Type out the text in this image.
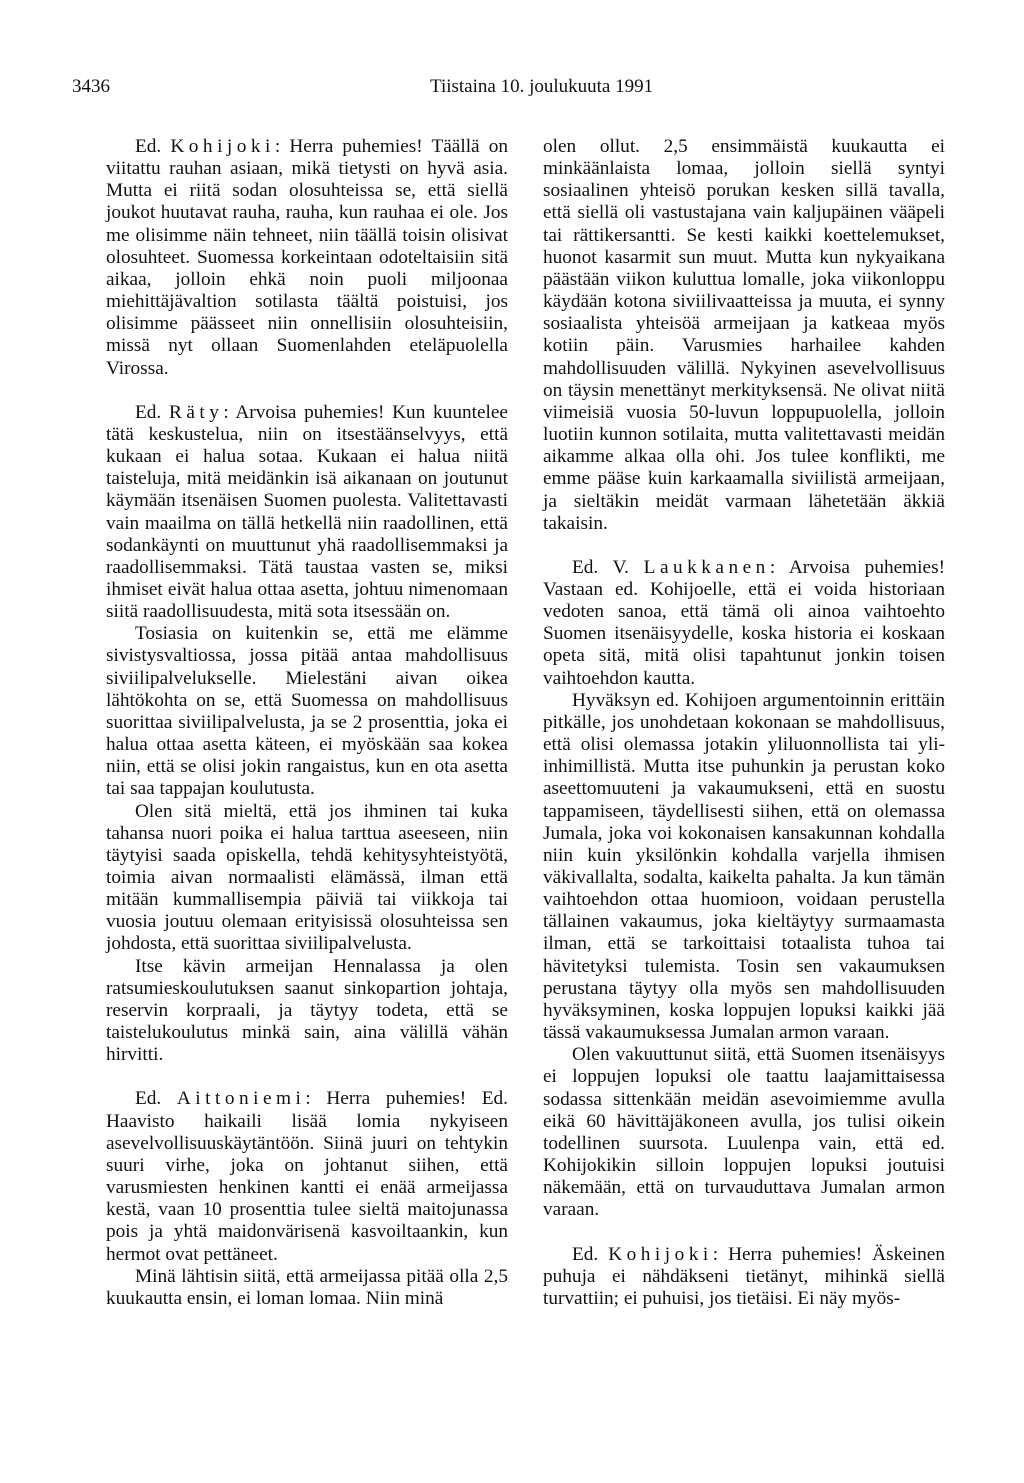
3436	Tiistaina 10. joulukuuta 1991

Ed. Kohijoki: Herra puhemies! Täällä on viitattu rauhan asiaan, mikä tietysti on hyvä asia. Mutta ei riitä sodan olosuhteissa se, että siellä joukot huutavat rauha, rauha, kun rauhaa ei ole. Jos me olisimme näin tehneet, niin täällä toisin olisivat olosuhteet. Suomessa korkeintaan odoteltaisiin sitä aikaa, jolloin ehkä noin puoli miljoonaa miehittäjävaltion sotilasta täältä poistuisi, jos olisimme päässeet niin onnellisiin olosuhteisiin, missä nyt ollaan Suomenlahden eteläpuolella Virossa.

Ed. Räty: Arvoisa puhemies! Kun kuuntelee tätä keskustelua, niin on itsestäänselvyys, että kukaan ei halua sotaa. Kukaan ei halua niitä taisteluja, mitä meidänkin isä aikanaan on joutunut käymään itsenäisen Suomen puolesta. Valitettavasti vain maailma on tällä hetkellä niin raadollinen, että sodankäynti on muuttunut yhä raadollisemmaksi ja raadollisemmaksi. Tätä taustaa vasten se, miksi ihmiset eivät halua ottaa asetta, johtuu nimenomaan siitä raadollisuudesta, mitä sota itsessään on.

Tosiasia on kuitenkin se, että me elämme sivistysvaltiossa, jossa pitää antaa mahdollisuus siviilipalvelukselle. Mielestäni aivan oikea lähtökohta on se, että Suomessa on mahdollisuus suorittaa siviilipalvelusta, ja se 2 prosenttia, joka ei halua ottaa asetta käteen, ei myöskään saa kokea niin, että se olisi jokin rangaistus, kun en ota asetta tai saa tappajan koulutusta.

Olen sitä mieltä, että jos ihminen tai kuka tahansa nuori poika ei halua tarttua aseeseen, niin täytyisi saada opiskella, tehdä kehitysyhteistyötä, toimia aivan normaalisti elämässä, ilman että mitään kummallisempia päiviä tai viikkoja tai vuosia joutuu olemaan erityisissä olosuhteissa sen johdosta, että suorittaa siviilipalvelusta.

Itse kävin armeijan Hennalassa ja olen ratsumieskoulutuksen saanut sinkopartion johtaja, reservin korpraali, ja täytyy todeta, että se taistelukoulutus minkä sain, aina välillä vähän hirvitti.

Ed. Aittoniemi: Herra puhemies! Ed. Haavisto haikaili lisää lomia nykyiseen asevelvollisuuskäytäntöön. Siinä juuri on tehtykin suuri virhe, joka on johtanut siihen, että varusmiesten henkinen kantti ei enää armeijassa kestä, vaan 10 prosenttia tulee sieltä maitojunassa pois ja yhtä maidonvärisenä kasvoiltaankin, kun hermot ovat pettäneet.

Minä lähtisin siitä, että armeijassa pitää olla 2,5 kuukautta ensin, ei loman lomaa. Niin minä

olen ollut. 2,5 ensimmäistä kuukautta ei minkäänlaista lomaa, jolloin siellä syntyi sosiaalinen yhteisö porukan kesken sillä tavalla, että siellä oli vastustajana vain kaljupäinen vääpeli tai rättikersantti. Se kesti kaikki koettelemukset, huonot kasarmit sun muut. Mutta kun nykyaikana päästään viikon kuluttua lomalle, joka viikonloppu käydään kotona siviilivaatteissa ja muuta, ei synny sosiaalista yhteisöä armeijaan ja katkeaa myös kotiin päin. Varusmies harhailee kahden mahdollisuuden välillä. Nykyinen asevelvollisuus on täysin menettänyt merkityksensä. Ne olivat niitä viimeisiä vuosia 50-luvun loppupuolella, jolloin luotiin kunnon sotilaita, mutta valitettavasti meidän aikamme alkaa olla ohi. Jos tulee konflikti, me emme pääse kuin karkaamalla siviilistä armeijaan, ja sieltäkin meidät varmaan lähetetään äkkiä takaisin.

Ed. V. Laukkanen: Arvoisa puhemies! Vastaan ed. Kohijoelle, että ei voida historiaan vedoten sanoa, että tämä oli ainoa vaihtoehto Suomen itsenäisyydelle, koska historia ei koskaan opeta sitä, mitä olisi tapahtunut jonkin toisen vaihtoehdon kautta.

Hyväksyn ed. Kohijoen argumentoinnin erittäin pitkälle, jos unohdetaan kokonaan se mahdollisuus, että olisi olemassa jotakin yliluonnollista tai yli-inhimillistä. Mutta itse puhunkin ja perustan koko aseettomuuteni ja vakaumukseni, että en suostu tappamiseen, täydellisesti siihen, että on olemassa Jumala, joka voi kokonaisen kansakunnan kohdalla niin kuin yksilönkin kohdalla varjella ihmisen väkivallalta, sodalta, kaikelta pahalta. Ja kun tämän vaihtoehdon ottaa huomioon, voidaan perustella tällainen vakaumus, joka kieltäytyy surmaamasta ilman, että se tarkoittaisi totaalista tuhoa tai hävitetyksi tulemista. Tosin sen vakaumuksen perustana täytyy olla myös sen mahdollisuuden hyväksyminen, koska loppujen lopuksi kaikki jää tässä vakaumuksessa Jumalan armon varaan.

Olen vakuuttunut siitä, että Suomen itsenäisyys ei loppujen lopuksi ole taattu laajamittaisessa sodassa sittenkään meidän asevoimiemme avulla eikä 60 hävittäjäkoneen avulla, jos tulisi oikein todellinen suursota. Luulenpa vain, että ed. Kohijokikin silloin loppujen lopuksi joutuisi näkemään, että on turvauduttava Jumalan armon varaan.

Ed. Kohijoki: Herra puhemies! Äskeinen puhuja ei nähdäkseni tietänyt, mihinkä siellä turvattiin; ei puhuisi, jos tietäisi. Ei näy myös-
